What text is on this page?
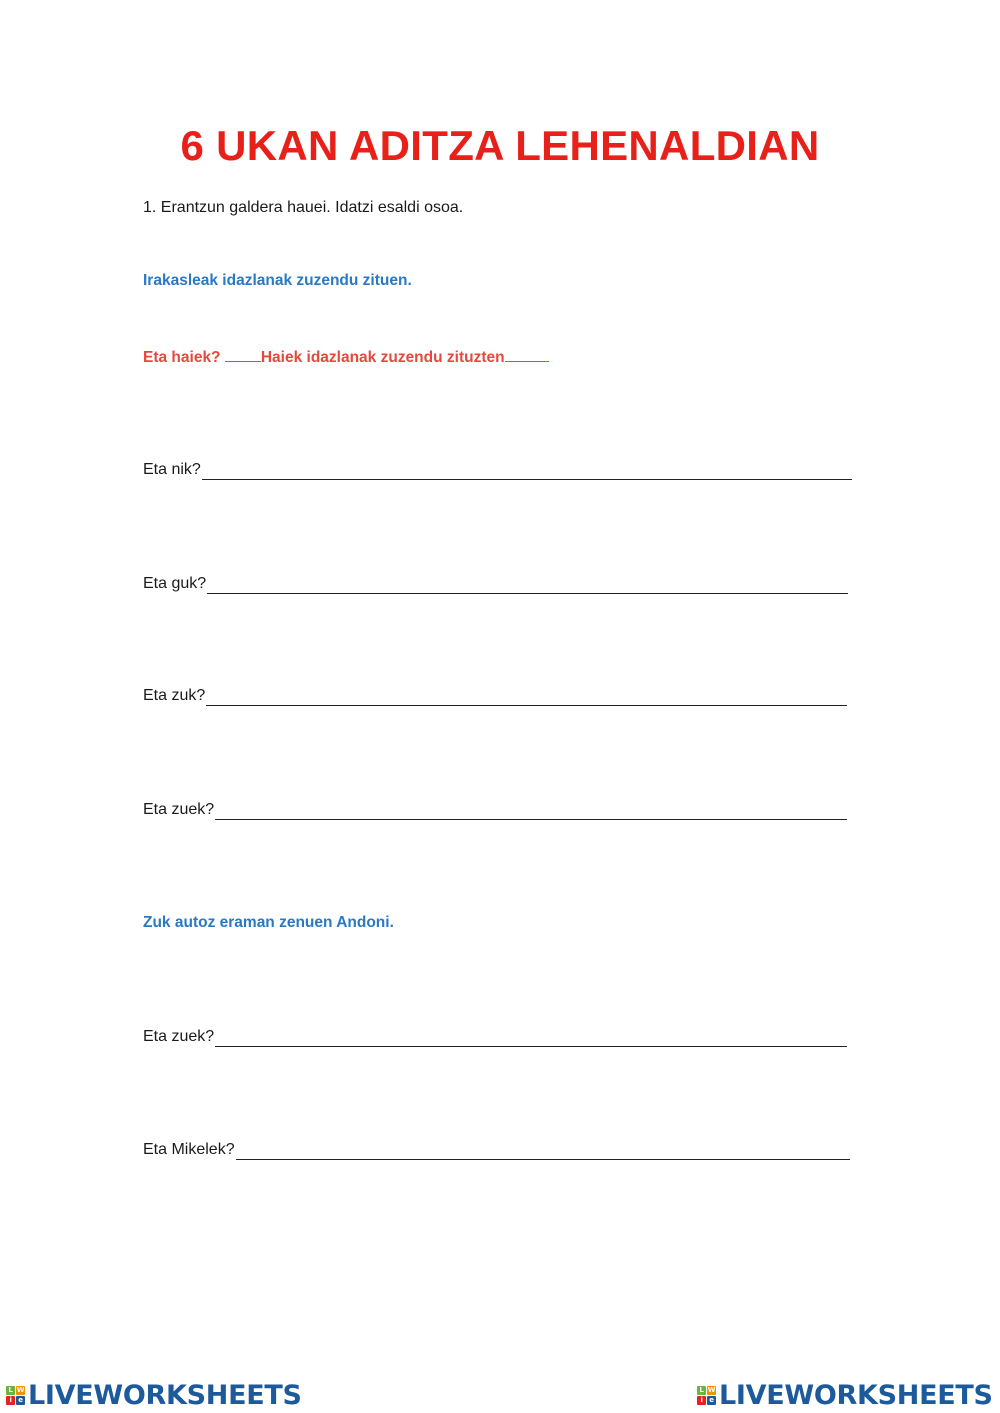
6 UKAN ADITZA LEHENALDIAN
1. Erantzun galdera hauei. Idatzi esaldi osoa.
Irakasleak idazlanak zuzendu zituen.
Eta haiek?	Haiek idazlanak zuzendu zituzten
Eta nik?
Eta guk?
Eta zuk?
Eta zuek?
Zuk autoz eraman zenuen Andoni.
Eta zuek?
Eta Mikelek?
L W
i e LIVEWORKSHEETS	L W
i e LIVEWORKSHEETS
